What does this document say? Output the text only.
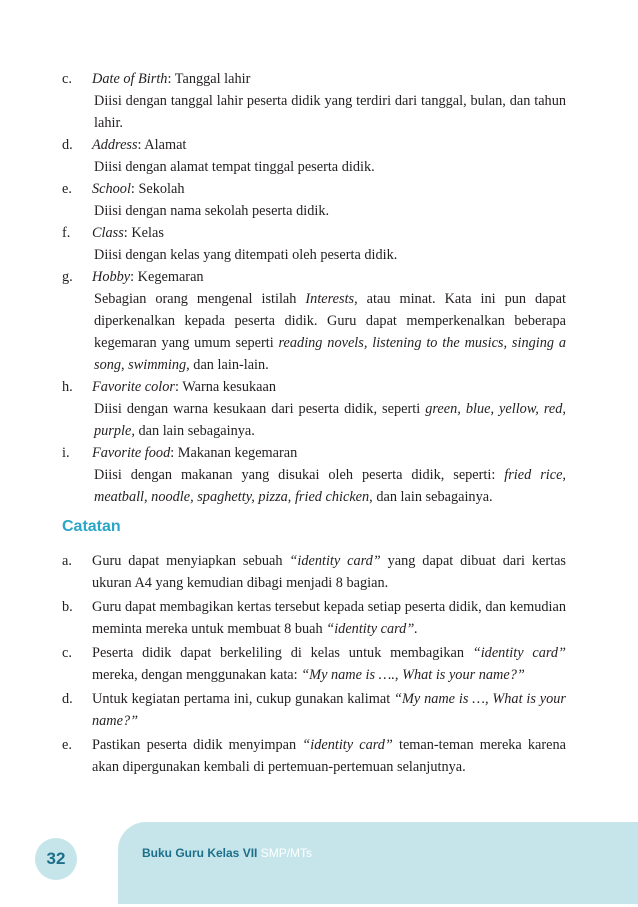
c.	Date of Birth: Tanggal lahir
Diisi dengan tanggal lahir peserta didik yang terdiri dari tanggal, bulan, dan tahun lahir.
d.	Address: Alamat
Diisi dengan alamat tempat tinggal peserta didik.
e.	School: Sekolah
Diisi dengan nama sekolah peserta didik.
f.	Class: Kelas
Diisi dengan kelas yang ditempati oleh peserta didik.
g.	Hobby: Kegemaran
Sebagian orang mengenal istilah Interests, atau minat. Kata ini pun dapat diperkenalkan kepada peserta didik. Guru dapat memperkenalkan beberapa kegemaran yang umum seperti reading novels, listening to the musics, singing a song, swimming, dan lain-lain.
h.	Favorite color: Warna kesukaan
Diisi dengan warna kesukaan dari peserta didik, seperti green, blue, yellow, red, purple, dan lain sebagainya.
i.	Favorite food: Makanan kegemaran
Diisi dengan makanan yang disukai oleh peserta didik, seperti: fried rice, meatball, noodle, spaghetty, pizza, fried chicken, dan lain sebagainya.
Catatan
a.	Guru dapat menyiapkan sebuah “identity card” yang dapat dibuat dari kertas ukuran A4 yang kemudian dibagi menjadi 8 bagian.
b.	Guru dapat membagikan kertas tersebut kepada setiap peserta didik, dan kemudian meminta mereka untuk membuat 8 buah “identity card”.
c.	Peserta didik dapat berkeliling di kelas untuk membagikan “identity card” mereka, dengan menggunakan kata: “My name is …., What is your name?”
d.	Untuk kegiatan pertama ini, cukup gunakan kalimat “My name is …, What is your name?”
e.	Pastikan peserta didik menyimpan “identity card” teman-teman mereka karena akan dipergunakan kembali di pertemuan-pertemuan selanjutnya.
Buku Guru Kelas VII SMP/MTs
32
